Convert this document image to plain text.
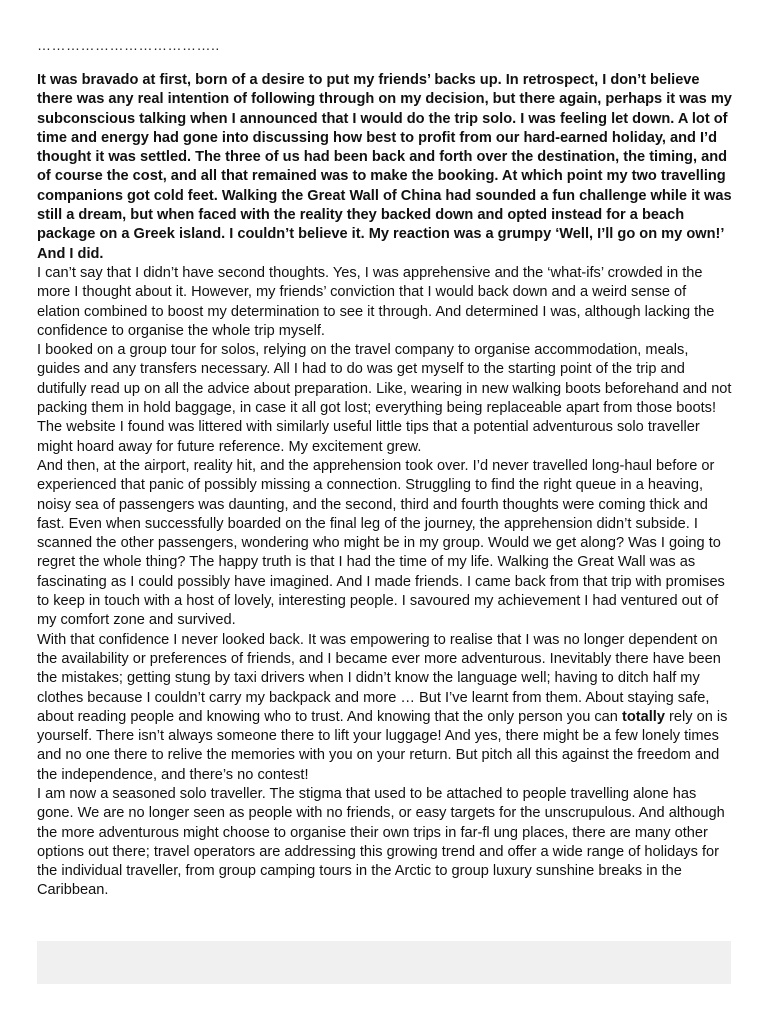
………………………………..

It was bravado at first, born of a desire to put my friends’ backs up. In retrospect, I don’t believe there was any real intention of following through on my decision, but there again, perhaps it was my subconscious talking when I announced that I would do the trip solo. I was feeling let down. A lot of time and energy had gone into discussing how best to profit from our hard-earned holiday, and I’d thought it was settled. The three of us had been back and forth over the destination, the timing, and of course the cost, and all that remained was to make the booking. At which point my two travelling companions got cold feet. Walking the Great Wall of China had sounded a fun challenge while it was still a dream, but when faced with the reality they backed down and opted instead for a beach package on a Greek island. I couldn’t believe it. My reaction was a grumpy ‘Well, I’ll go on my own!’ And I did.

I can’t say that I didn’t have second thoughts. Yes, I was apprehensive and the ‘what-ifs’ crowded in the more I thought about it. However, my friends’ conviction that I would back down and a weird sense of elation combined to boost my determination to see it through. And determined I was, although lacking the confidence to organise the whole trip myself.

I booked on a group tour for solos, relying on the travel company to organise accommodation, meals, guides and any transfers necessary. All I had to do was get myself to the starting point of the trip and dutifully read up on all the advice about preparation. Like, wearing in new walking boots beforehand and not packing them in hold baggage, in case it all got lost; everything being replaceable apart from those boots! The website I found was littered with similarly useful little tips that a potential adventurous solo traveller might hoard away for future reference. My excitement grew.

And then, at the airport, reality hit, and the apprehension took over. I’d never travelled long-haul before or experienced that panic of possibly missing a connection. Struggling to find the right queue in a heaving, noisy sea of passengers was daunting, and the second, third and fourth thoughts were coming thick and fast. Even when successfully boarded on the final leg of the journey, the apprehension didn’t subside. I scanned the other passengers, wondering who might be in my group. Would we get along? Was I going to regret the whole thing? The happy truth is that I had the time of my life. Walking the Great Wall was as fascinating as I could possibly have imagined. And I made friends. I came back from that trip with promises to keep in touch with a host of lovely, interesting people. I savoured my achievement I had ventured out of my comfort zone and survived.

With that confidence I never looked back. It was empowering to realise that I was no longer dependent on the availability or preferences of friends, and I became ever more adventurous. Inevitably there have been the mistakes; getting stung by taxi drivers when I didn’t know the language well; having to ditch half my clothes because I couldn’t carry my backpack and more … But I’ve learnt from them. About staying safe, about reading people and knowing who to trust. And knowing that the only person you can totally rely on is yourself. There isn’t always someone there to lift your luggage! And yes, there might be a few lonely times and no one there to relive the memories with you on your return. But pitch all this against the freedom and the independence, and there’s no contest!

I am now a seasoned solo traveller. The stigma that used to be attached to people travelling alone has gone. We are no longer seen as people with no friends, or easy targets for the unscrupulous. And although the more adventurous might choose to organise their own trips in far-fl ung places, there are many other options out there; travel operators are addressing this growing trend and offer a wide range of holidays for the individual traveller, from group camping tours in the Arctic to group luxury sunshine breaks in the Caribbean.
